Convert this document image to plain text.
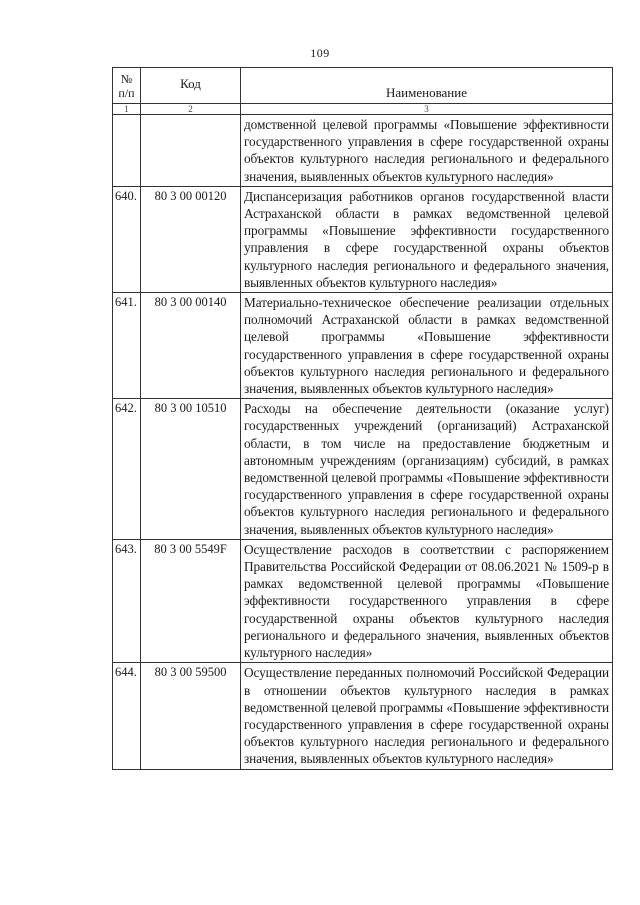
109
№
п/п	Код	Наименование
1	2	3
		домственной целевой программы «Повышение эффективности государственного управления в сфере государственной охраны объектов культурного наследия регионального и федерального значения, выявленных объектов культурного наследия»
640.	80 3 00 00120	Диспансеризация работников органов государственной власти Астраханской области в рамках ведомственной целевой программы «Повышение эффективности государственного управления в сфере государственной охраны объектов культурного наследия регионального и федерального значения, выявленных объектов культурного наследия»
641.	80 3 00 00140	Материально-техническое обеспечение реализации отдельных полномочий Астраханской области в рамках ведомственной целевой программы «Повышение эффективности государственного управления в сфере государственной охраны объектов культурного наследия регионального и федерального значения, выявленных объектов культурного наследия»
642.	80 3 00 10510	Расходы на обеспечение деятельности (оказание услуг) государственных учреждений (организаций) Астраханской области, в том числе на предоставление бюджетным и автономным учреждениям (организациям) субсидий, в рамках ведомственной целевой программы «Повышение эффективности государственного управления в сфере государственной охраны объектов культурного наследия регионального и федерального значения, выявленных объектов культурного наследия»
643.	80 3 00 5549F	Осуществление расходов в соответствии с распоряжением Правительства Российской Федерации от 08.06.2021 № 1509-р в рамках ведомственной целевой программы «Повышение эффективности государственного управления в сфере государственной охраны объектов культурного наследия регионального и федерального значения, выявленных объектов культурного наследия»
644.	80 3 00 59500	Осуществление переданных полномочий Российской Федерации в отношении объектов культурного наследия в рамках ведомственной целевой программы «Повышение эффективности государственного управления в сфере государственной охраны объектов культурного наследия регионального и федерального значения, выявленных объектов культурного наследия»
